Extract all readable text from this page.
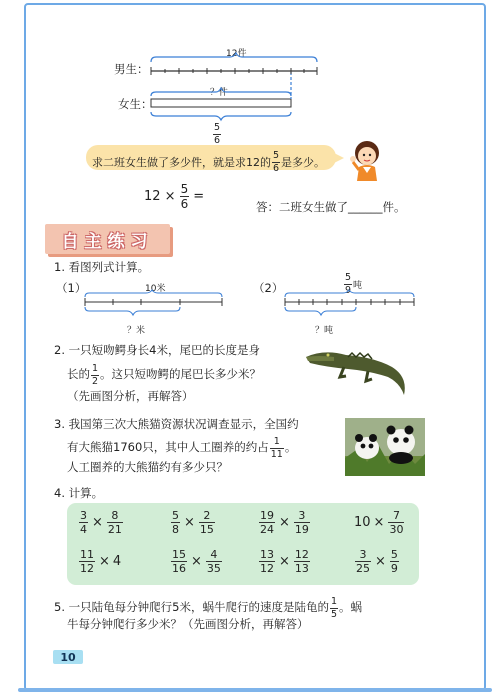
男生：
女生：
12件
？件
$\frac{5}{6}$
求二班女生做了多少件，就是求12的 $\frac{5}{6}$ 是多少。
$12 \times \frac{5}{6}$ =
答：二班女生做了______件。
自主练习
1. 看图列式计算。
（1）	（2）
10米
？米
$\frac{5}{9}$ 吨
？吨
2. 一只短吻鳄身长4米，尾巴的长度是身
长的 $\frac{1}{2}$ 。这只短吻鳄的尾巴长多少米？
（先画图分析，再解答）
3. 我国第三次大熊猫资源状况调查显示，全国约
有大熊猫1760只，其中人工圈养的约占 $\frac{1}{11}$ 。
人工圈养的大熊猫约有多少只？
4. 计算。
$\frac{3}{4} \times \frac{8}{21}$	$\frac{5}{8} \times \frac{2}{15}$	$\frac{19}{24} \times \frac{3}{19}$	$10 \times \frac{7}{30}$
$\frac{11}{12} \times 4$	$\frac{15}{16} \times \frac{4}{35}$	$\frac{13}{12} \times \frac{12}{13}$	$\frac{3}{25} \times \frac{5}{9}$
5. 一只陆龟每分钟爬行5米，蜗牛爬行的速度是陆龟的 $\frac{1}{5}$ 。蜗
牛每分钟爬行多少米？（先画图分析，再解答）
10
